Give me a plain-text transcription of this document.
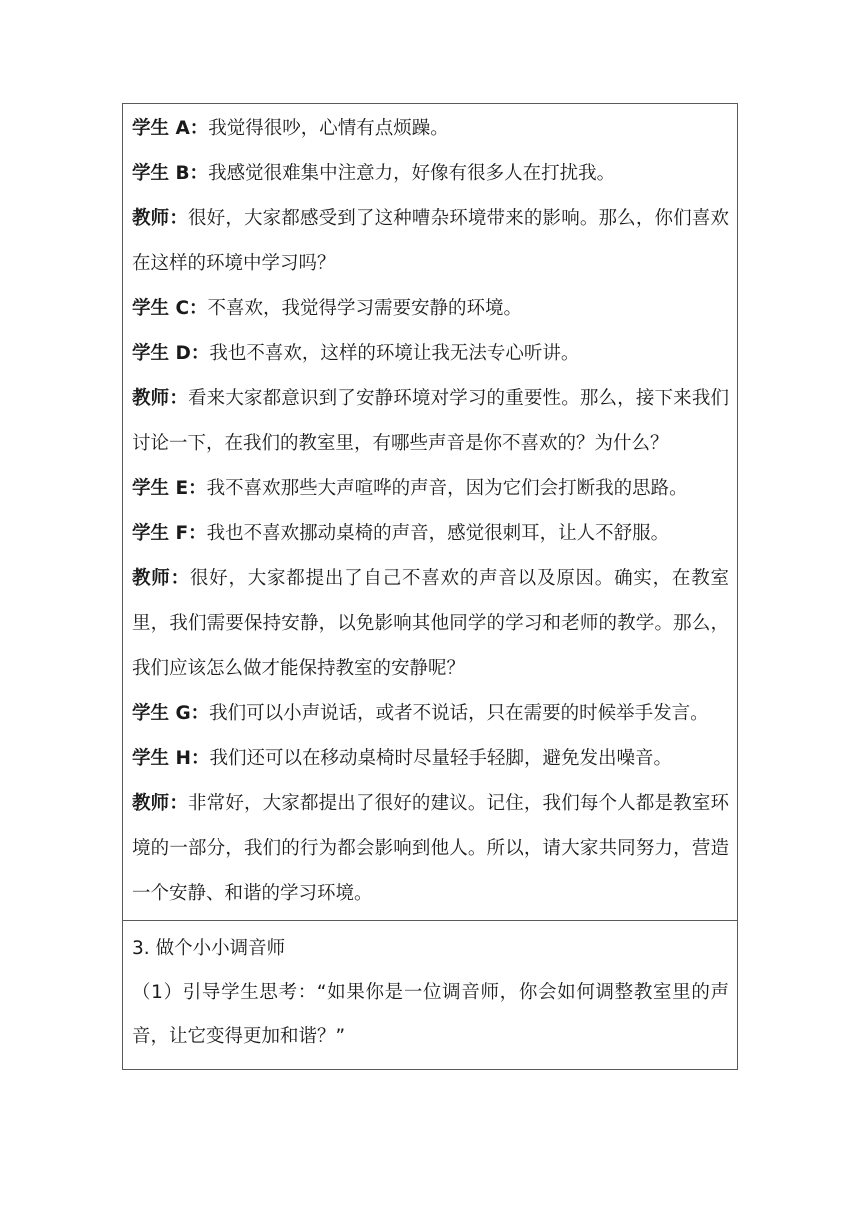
学生 A：我觉得很吵，心情有点烦躁。

学生 B：我感觉很难集中注意力，好像有很多人在打扰我。

教师：很好，大家都感受到了这种嘈杂环境带来的影响。那么，你们喜欢在这样的环境中学习吗？

学生 C：不喜欢，我觉得学习需要安静的环境。

学生 D：我也不喜欢，这样的环境让我无法专心听讲。

教师：看来大家都意识到了安静环境对学习的重要性。那么，接下来我们讨论一下，在我们的教室里，有哪些声音是你不喜欢的？为什么？

学生 E：我不喜欢那些大声喧哗的声音，因为它们会打断我的思路。

学生 F：我也不喜欢挪动桌椅的声音，感觉很刺耳，让人不舒服。

教师：很好，大家都提出了自己不喜欢的声音以及原因。确实，在教室里，我们需要保持安静，以免影响其他同学的学习和老师的教学。那么，我们应该怎么做才能保持教室的安静呢？

学生 G：我们可以小声说话，或者不说话，只在需要的时候举手发言。

学生 H：我们还可以在移动桌椅时尽量轻手轻脚，避免发出噪音。

教师：非常好，大家都提出了很好的建议。记住，我们每个人都是教室环境的一部分，我们的行为都会影响到他人。所以，请大家共同努力，营造一个安静、和谐的学习环境。

3. 做个小小调音师

（1）引导学生思考：“如果你是一位调音师，你会如何调整教室里的声音，让它变得更加和谐？”
